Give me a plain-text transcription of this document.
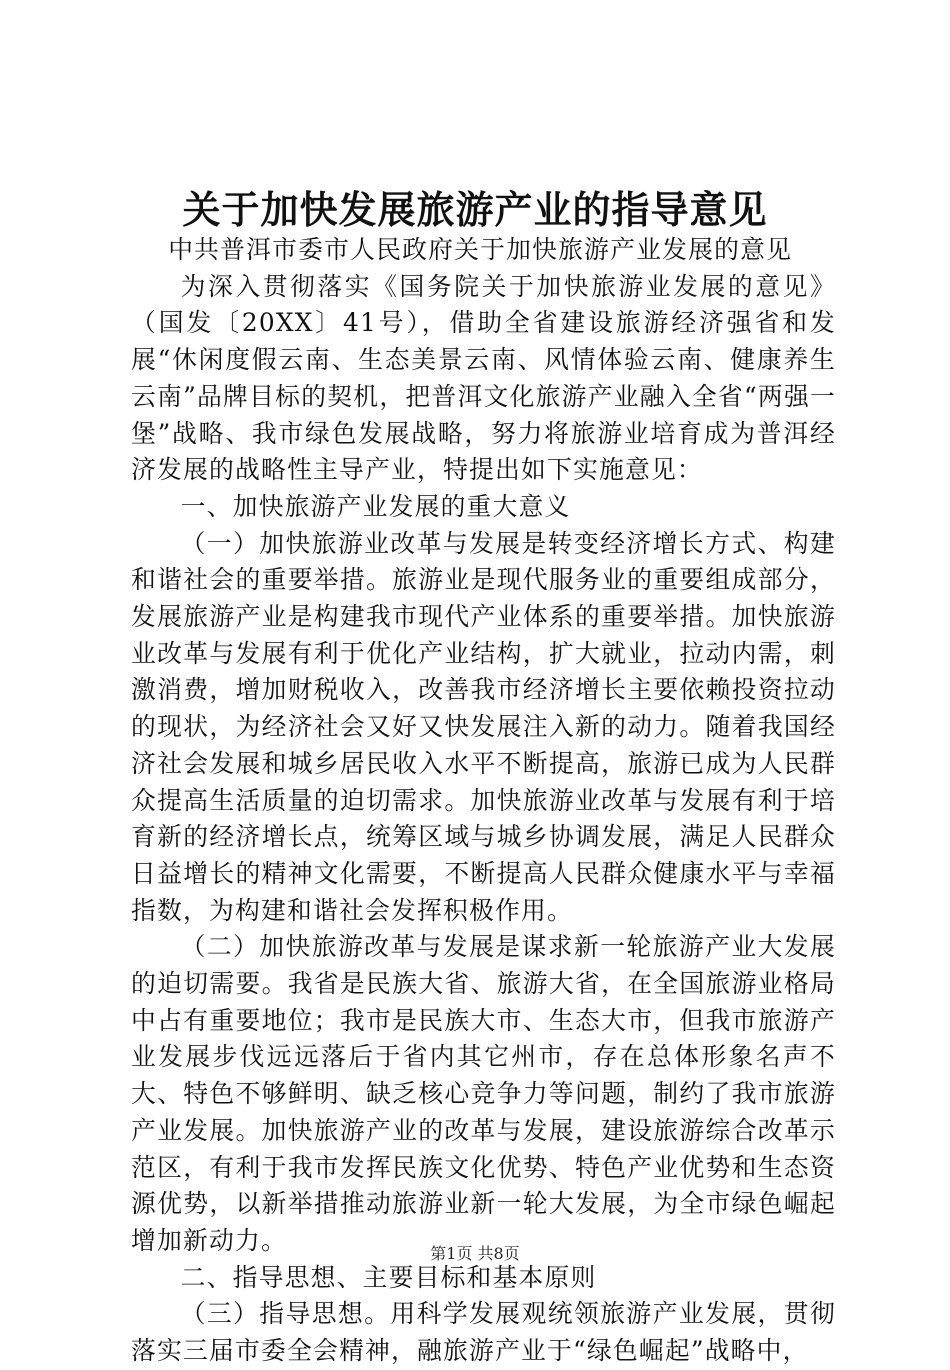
关于加快发展旅游产业的指导意见

中共普洱市委市人民政府关于加快旅游产业发展的意见

为深入贯彻落实《国务院关于加快旅游业发展的意见》（国发〔20XX〕41号），借助全省建设旅游经济强省和发展“休闲度假云南、生态美景云南、风情体验云南、健康养生云南”品牌目标的契机，把普洱文化旅游产业融入全省“两强一堡”战略、我市绿色发展战略，努力将旅游业培育成为普洱经济发展的战略性主导产业，特提出如下实施意见：

一、加快旅游产业发展的重大意义

（一）加快旅游业改革与发展是转变经济增长方式、构建和谐社会的重要举措。旅游业是现代服务业的重要组成部分，发展旅游产业是构建我市现代产业体系的重要举措。加快旅游业改革与发展有利于优化产业结构，扩大就业，拉动内需，刺激消费，增加财税收入，改善我市经济增长主要依赖投资拉动的现状，为经济社会又好又快发展注入新的动力。随着我国经济社会发展和城乡居民收入水平不断提高，旅游已成为人民群众提高生活质量的迫切需求。加快旅游业改革与发展有利于培育新的经济增长点，统筹区域与城乡协调发展，满足人民群众日益增长的精神文化需要，不断提高人民群众健康水平与幸福指数，为构建和谐社会发挥积极作用。

（二）加快旅游改革与发展是谋求新一轮旅游产业大发展的迫切需要。我省是民族大省、旅游大省，在全国旅游业格局中占有重要地位；我市是民族大市、生态大市，但我市旅游产业发展步伐远远落后于省内其它州市，存在总体形象名声不大、特色不够鲜明、缺乏核心竞争力等问题，制约了我市旅游产业发展。加快旅游产业的改革与发展，建设旅游综合改革示范区，有利于我市发挥民族文化优势、特色产业优势和生态资源优势，以新举措推动旅游业新一轮大发展，为全市绿色崛起增加新动力。

二、指导思想、主要目标和基本原则

（三）指导思想。用科学发展观统领旅游产业发展，贯彻落实三届市委全会精神，融旅游产业于“绿色崛起”战略中，

第1页 共8页
